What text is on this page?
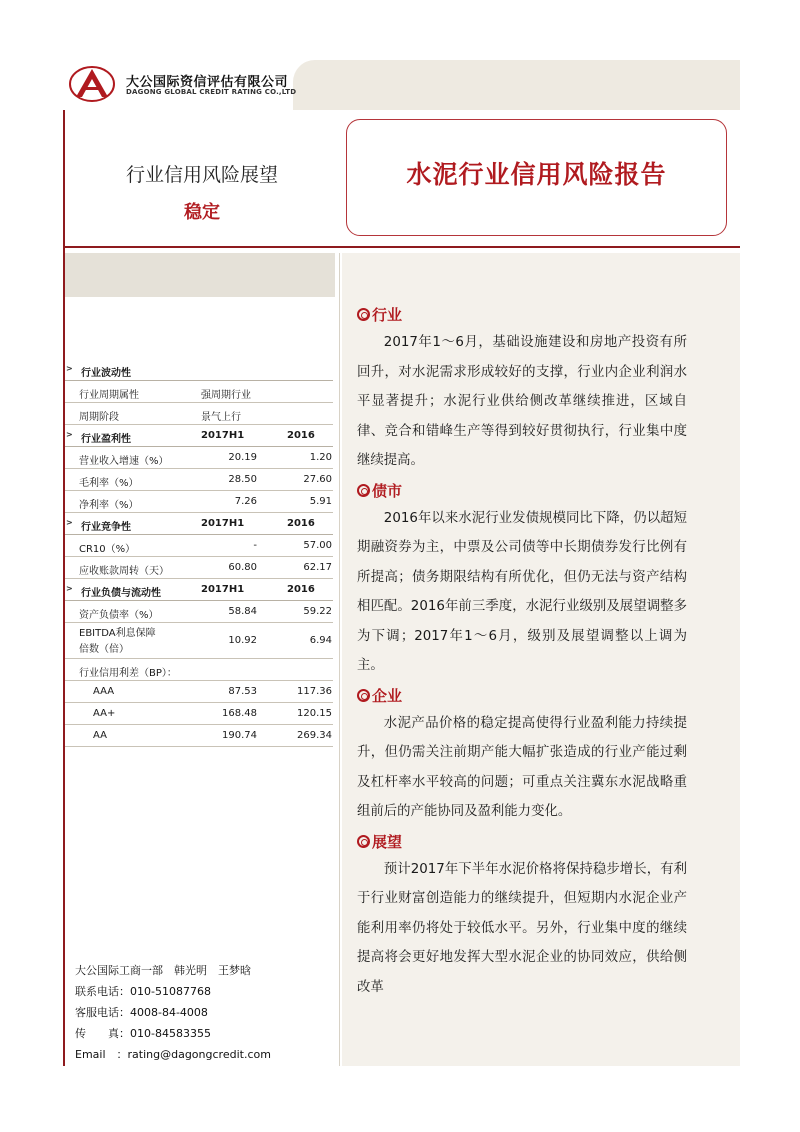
大公国际资信评估有限公司
DAGONG GLOBAL CREDIT RATING CO.,LTD
行业信用风险展望
稳定
水泥行业信用风险报告
> 行业波动性
行业周期属性	强周期行业
周期阶段	景气上行
> 行业盈利性	2017H1	2016
营业收入增速（%）	20.19	1.20
毛利率（%）	28.50	27.60
净利率（%）	7.26	5.91
> 行业竞争性	2017H1	2016
CR10（%）	-	57.00
应收账款周转（天）	60.80	62.17
> 行业负债与流动性	2017H1	2016
资产负债率（%）	58.84	59.22
EBITDA利息保障
倍数（倍）
10.92	6.94
行业信用利差（BP）：
AAA	87.53	117.36
AA+	168.48	120.15
AA	190.74	269.34
大公国际工商一部　韩光明　王梦晗
联系电话：010-51087768
客服电话：4008-84-4008
传　　真：010-84583355
Email　：rating@dagongcredit.com
行业
2017年1～6月，基础设施建设和房地产投资有所回升，对水泥需求形成较好的支撑，行业内企业利润水平显著提升；水泥行业供给侧改革继续推进，区域自律、竞合和错峰生产等得到较好贯彻执行，行业集中度继续提高。
债市
2016年以来水泥行业发债规模同比下降，仍以超短期融资券为主，中票及公司债等中长期债券发行比例有所提高；债务期限结构有所优化，但仍无法与资产结构相匹配。2016年前三季度，水泥行业级别及展望调整多为下调；2017年1～6月，级别及展望调整以上调为主。
企业
水泥产品价格的稳定提高使得行业盈利能力持续提升，但仍需关注前期产能大幅扩张造成的行业产能过剩及杠杆率水平较高的问题；可重点关注冀东水泥战略重组前后的产能协同及盈利能力变化。
展望
预计2017年下半年水泥价格将保持稳步增长，有利于行业财富创造能力的继续提升，但短期内水泥企业产能利用率仍将处于较低水平。另外，行业集中度的继续提高将会更好地发挥大型水泥企业的协同效应，供给侧改革
